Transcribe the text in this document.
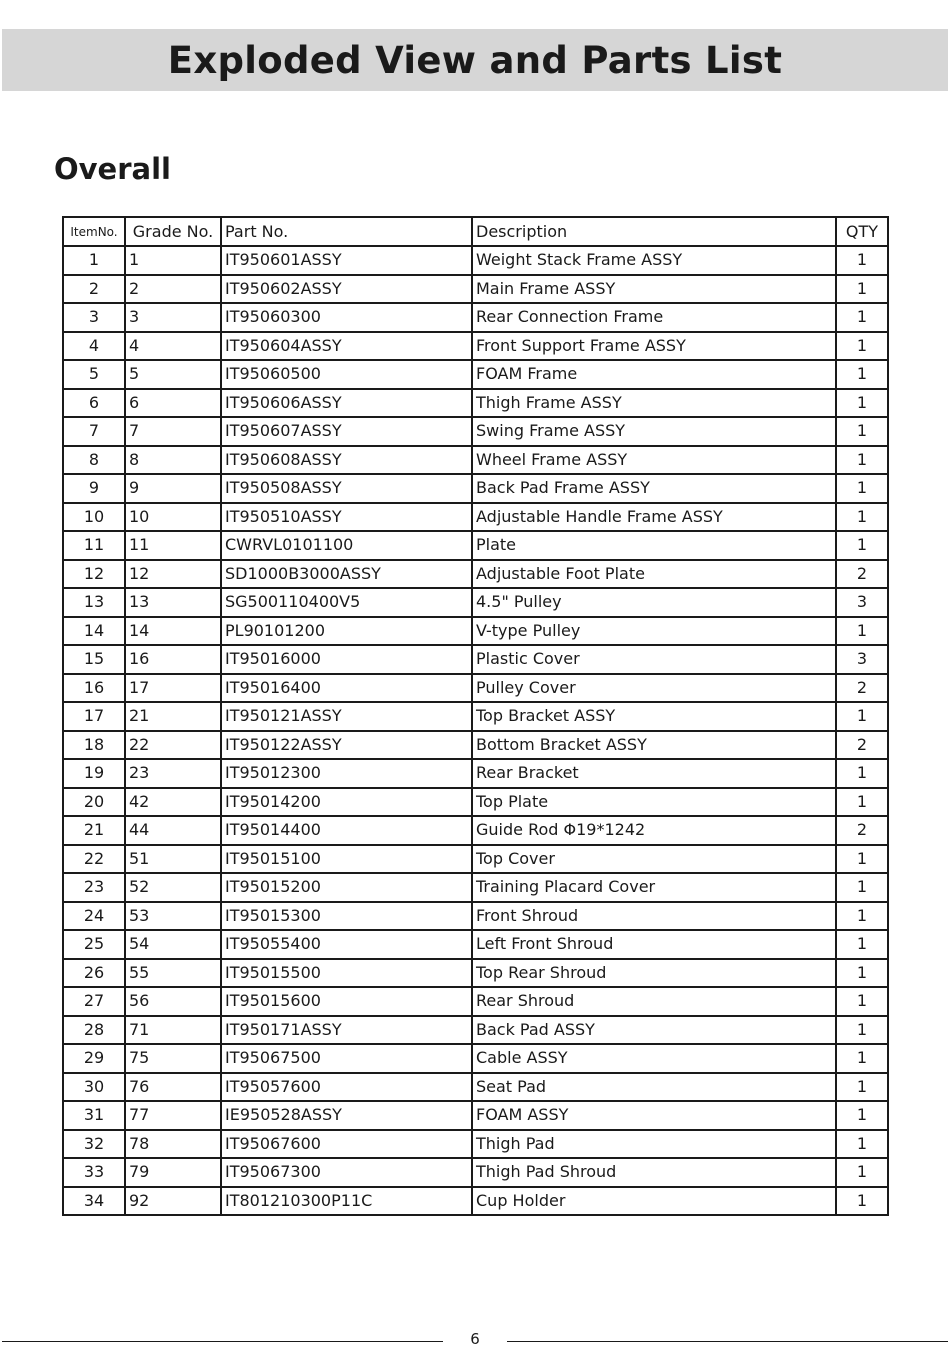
Exploded View and Parts List
Overall
ItemNo.	Grade No.	Part No.	Description	QTY
1	1	IT950601ASSY	Weight Stack Frame ASSY	1
2	2	IT950602ASSY	Main Frame ASSY	1
3	3	IT95060300	Rear Connection Frame	1
4	4	IT950604ASSY	Front Support Frame ASSY	1
5	5	IT95060500	FOAM Frame	1
6	6	IT950606ASSY	Thigh Frame ASSY	1
7	7	IT950607ASSY	Swing Frame ASSY	1
8	8	IT950608ASSY	Wheel Frame ASSY	1
9	9	IT950508ASSY	Back Pad Frame ASSY	1
10	10	IT950510ASSY	Adjustable Handle Frame ASSY	1
11	11	CWRVL0101100	Plate	1
12	12	SD1000B3000ASSY	Adjustable Foot Plate	2
13	13	SG500110400V5	4.5" Pulley	3
14	14	PL90101200	V-type Pulley	1
15	16	IT95016000	Plastic Cover	3
16	17	IT95016400	Pulley Cover	2
17	21	IT950121ASSY	Top Bracket ASSY	1
18	22	IT950122ASSY	Bottom Bracket ASSY	2
19	23	IT95012300	Rear Bracket	1
20	42	IT95014200	Top Plate	1
21	44	IT95014400	Guide Rod Φ19*1242	2
22	51	IT95015100	Top Cover	1
23	52	IT95015200	Training Placard Cover	1
24	53	IT95015300	Front Shroud	1
25	54	IT95055400	Left Front Shroud	1
26	55	IT95015500	Top Rear Shroud	1
27	56	IT95015600	Rear Shroud	1
28	71	IT950171ASSY	Back Pad ASSY	1
29	75	IT95067500	Cable ASSY	1
30	76	IT95057600	Seat Pad	1
31	77	IE950528ASSY	FOAM ASSY	1
32	78	IT95067600	Thigh Pad	1
33	79	IT95067300	Thigh Pad Shroud	1
34	92	IT801210300P11C	Cup Holder	1
6
